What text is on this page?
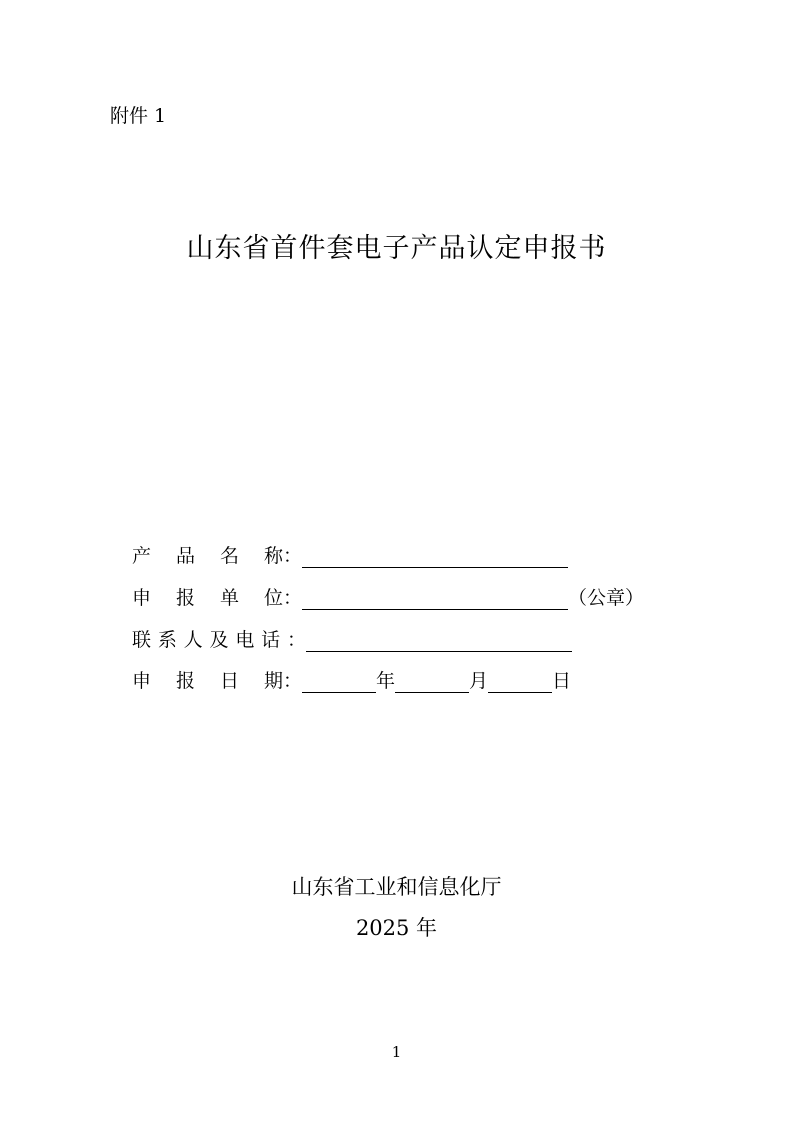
附件 1
山东省首件套电子产品认定申报书
产 品 名 称：
申 报 单 位：	（公章）
联 系 人 及 电 话 ：
申 报 日 期：	年	月	日
山东省工业和信息化厅
2025 年
1
